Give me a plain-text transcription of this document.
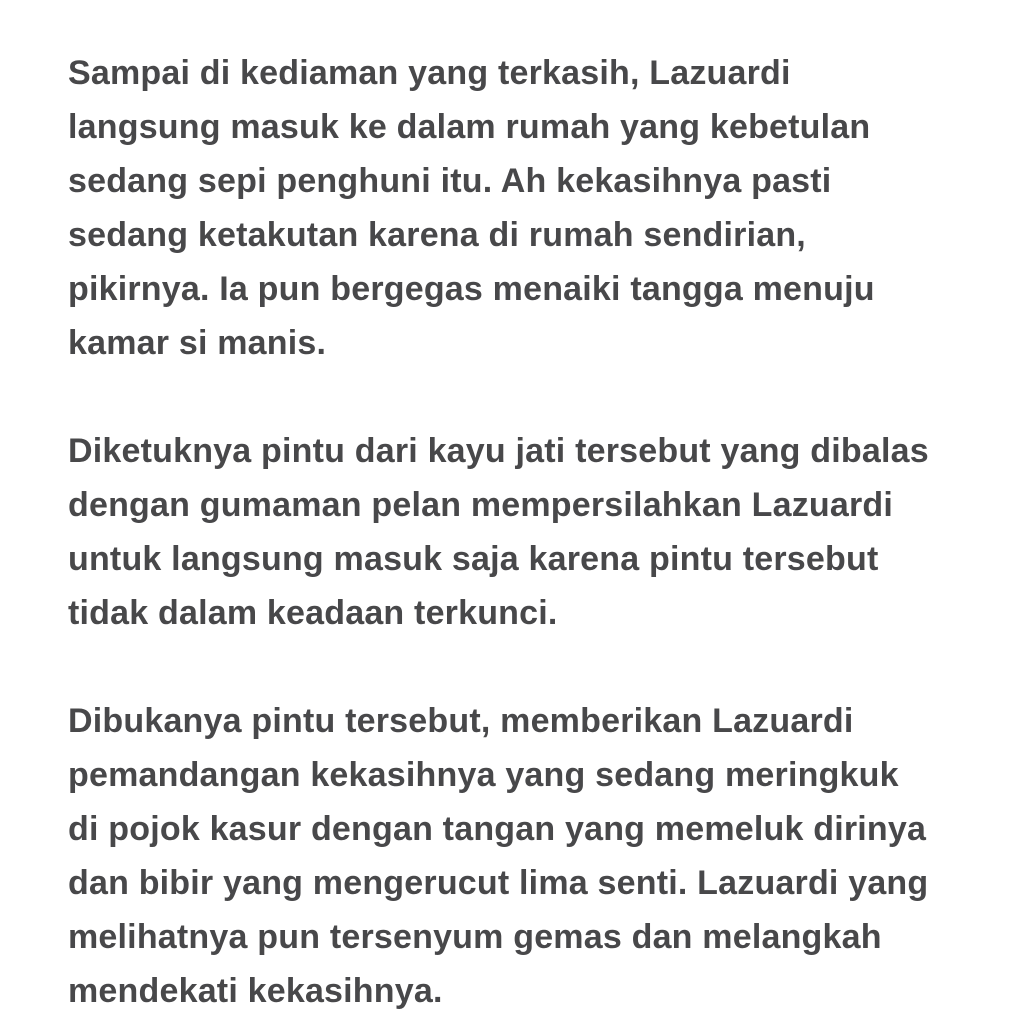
Sampai di kediaman yang terkasih, Lazuardi
langsung masuk ke dalam rumah yang kebetulan
sedang sepi penghuni itu. Ah kekasihnya pasti
sedang ketakutan karena di rumah sendirian,
pikirnya. Ia pun bergegas menaiki tangga menuju
kamar si manis.

Diketuknya pintu dari kayu jati tersebut yang dibalas
dengan gumaman pelan mempersilahkan Lazuardi
untuk langsung masuk saja karena pintu tersebut
tidak dalam keadaan terkunci.

Dibukanya pintu tersebut, memberikan Lazuardi
pemandangan kekasihnya yang sedang meringkuk
di pojok kasur dengan tangan yang memeluk dirinya
dan bibir yang mengerucut lima senti. Lazuardi yang
melihatnya pun tersenyum gemas dan melangkah
mendekati kekasihnya.
